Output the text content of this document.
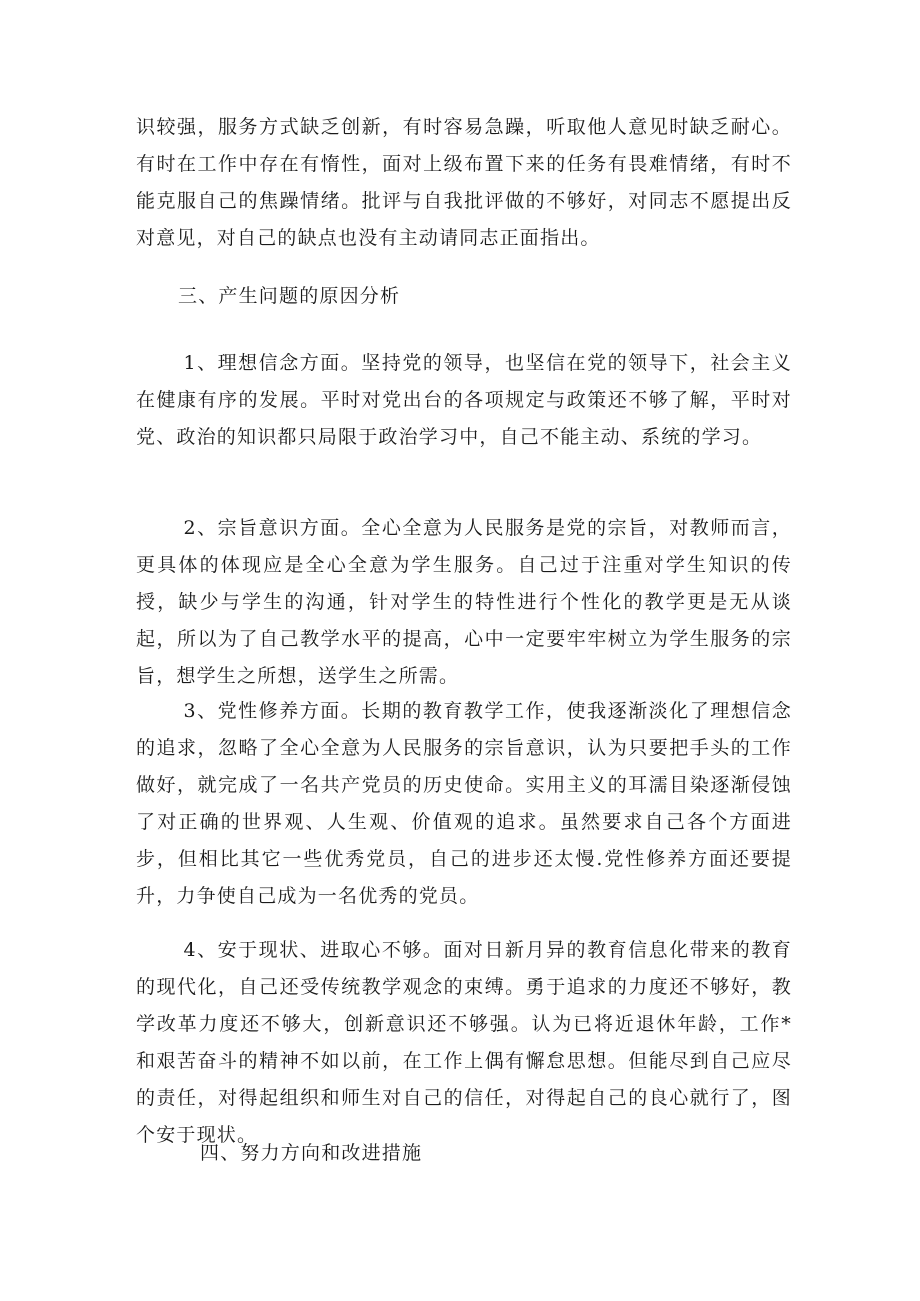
识较强，服务方式缺乏创新，有时容易急躁，听取他人意见时缺乏耐心。有时在工作中存在有惰性，面对上级布置下来的任务有畏难情绪，有时不能克服自己的焦躁情绪。批评与自我批评做的不够好，对同志不愿提出反对意见，对自己的缺点也没有主动请同志正面指出。

三、产生问题的原因分析

1、理想信念方面。坚持党的领导，也坚信在党的领导下，社会主义在健康有序的发展。平时对党出台的各项规定与政策还不够了解，平时对党、政治的知识都只局限于政治学习中，自己不能主动、系统的学习。

2、宗旨意识方面。全心全意为人民服务是党的宗旨，对教师而言，更具体的体现应是全心全意为学生服务。自己过于注重对学生知识的传授，缺少与学生的沟通，针对学生的特性进行个性化的教学更是无从谈起，所以为了自己教学水平的提高，心中一定要牢牢树立为学生服务的宗旨，想学生之所想，送学生之所需。

3、党性修养方面。长期的教育教学工作，使我逐渐淡化了理想信念的追求，忽略了全心全意为人民服务的宗旨意识，认为只要把手头的工作做好，就完成了一名共产党员的历史使命。实用主义的耳濡目染逐渐侵蚀了对正确的世界观、人生观、价值观的追求。虽然要求自己各个方面进步，但相比其它一些优秀党员，自己的进步还太慢.党性修养方面还要提升，力争使自己成为一名优秀的党员。

4、安于现状、进取心不够。面对日新月异的教育信息化带来的教育的现代化，自己还受传统教学观念的束缚。勇于追求的力度还不够好，教学改革力度还不够大，创新意识还不够强。认为已将近退休年龄，工作*和艰苦奋斗的精神不如以前，在工作上偶有懈怠思想。但能尽到自己应尽的责任，对得起组织和师生对自己的信任，对得起自己的良心就行了，图个安于现状。

四、努力方向和改进措施
